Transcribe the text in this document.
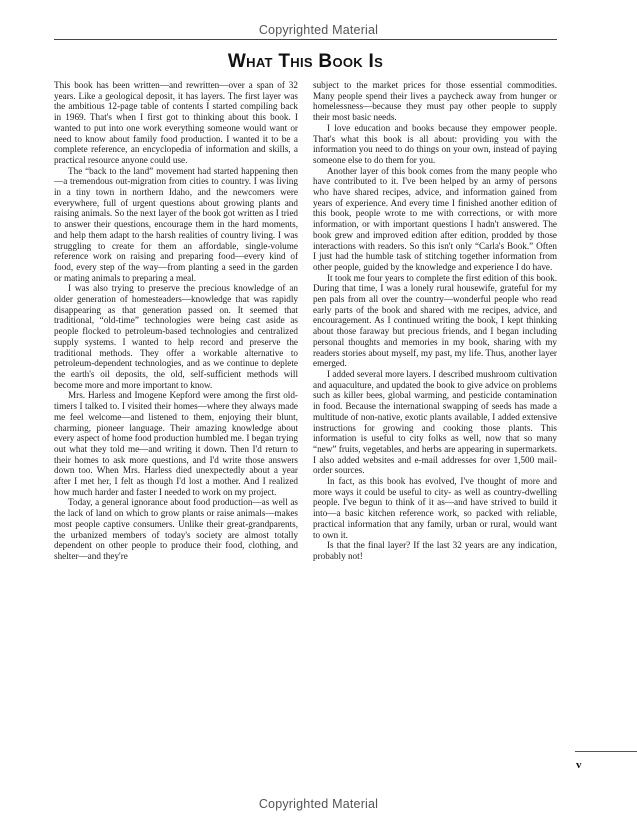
Copyrighted Material
What This Book Is

This book has been written—and rewritten—over a span of 32 years. Like a geological deposit, it has layers. The first layer was the ambitious 12-page table of contents I started compiling back in 1969. That's when I first got to thinking about this book. I wanted to put into one work everything someone would want or need to know about family food production. I wanted it to be a complete reference, an encyclopedia of information and skills, a practical resource anyone could use.

The “back to the land” movement had started happening then—a tremendous out-migration from cities to country. I was living in a tiny town in northern Idaho, and the newcomers were everywhere, full of urgent questions about growing plants and raising animals. So the next layer of the book got written as I tried to answer their questions, encourage them in the hard moments, and help them adapt to the harsh realities of country living. I was struggling to create for them an affordable, single-volume reference work on raising and preparing food—every kind of food, every step of the way—from planting a seed in the garden or mating animals to preparing a meal.

I was also trying to preserve the precious knowledge of an older generation of homesteaders—knowledge that was rapidly disappearing as that generation passed on. It seemed that traditional, “old-time” technologies were being cast aside as people flocked to petroleum-based technologies and centralized supply systems. I wanted to help record and preserve the traditional methods. They offer a workable alternative to petroleum-dependent technologies, and as we continue to deplete the earth's oil deposits, the old, self-sufficient methods will become more and more important to know.

Mrs. Harless and Imogene Kepford were among the first old-timers I talked to. I visited their homes—where they always made me feel welcome—and listened to them, enjoying their blunt, charming, pioneer language. Their amazing knowledge about every aspect of home food production humbled me. I began trying out what they told me—and writing it down. Then I'd return to their homes to ask more questions, and I'd write those answers down too. When Mrs. Harless died unexpectedly about a year after I met her, I felt as though I'd lost a mother. And I realized how much harder and faster I needed to work on my project.

Today, a general ignorance about food production—as well as the lack of land on which to grow plants or raise animals—makes most people captive consumers. Unlike their great-grandparents, the urbanized members of today's society are almost totally dependent on other people to produce their food, clothing, and shelter—and they're

subject to the market prices for those essential commodities. Many people spend their lives a paycheck away from hunger or homelessness—because they must pay other people to supply their most basic needs.

I love education and books because they empower people. That's what this book is all about: providing you with the information you need to do things on your own, instead of paying someone else to do them for you.

Another layer of this book comes from the many people who have contributed to it. I've been helped by an army of persons who have shared recipes, advice, and information gained from years of experience. And every time I finished another edition of this book, people wrote to me with corrections, or with more information, or with important questions I hadn't answered. The book grew and improved edition after edition, prodded by those interactions with readers. So this isn't only “Carla's Book.” Often I just had the humble task of stitching together information from other people, guided by the knowledge and experience I do have.

It took me four years to complete the first edition of this book. During that time, I was a lonely rural housewife, grateful for my pen pals from all over the country—wonderful people who read early parts of the book and shared with me recipes, advice, and encouragement. As I continued writing the book, I kept thinking about those faraway but precious friends, and I began including personal thoughts and memories in my book, sharing with my readers stories about myself, my past, my life. Thus, another layer emerged.

I added several more layers. I described mushroom cultivation and aquaculture, and updated the book to give advice on problems such as killer bees, global warming, and pesticide contamination in food. Because the international swapping of seeds has made a multitude of non-native, exotic plants available, I added extensive instructions for growing and cooking those plants. This information is useful to city folks as well, now that so many “new” fruits, vegetables, and herbs are appearing in supermarkets. I also added websites and e-mail addresses for over 1,500 mail-order sources.

In fact, as this book has evolved, I've thought of more and more ways it could be useful to city- as well as country-dwelling people. I've begun to think of it as—and have strived to build it into—a basic kitchen reference work, so packed with reliable, practical information that any family, urban or rural, would want to own it.

Is that the final layer? If the last 32 years are any indication, probably not!

v
Copyrighted Material
